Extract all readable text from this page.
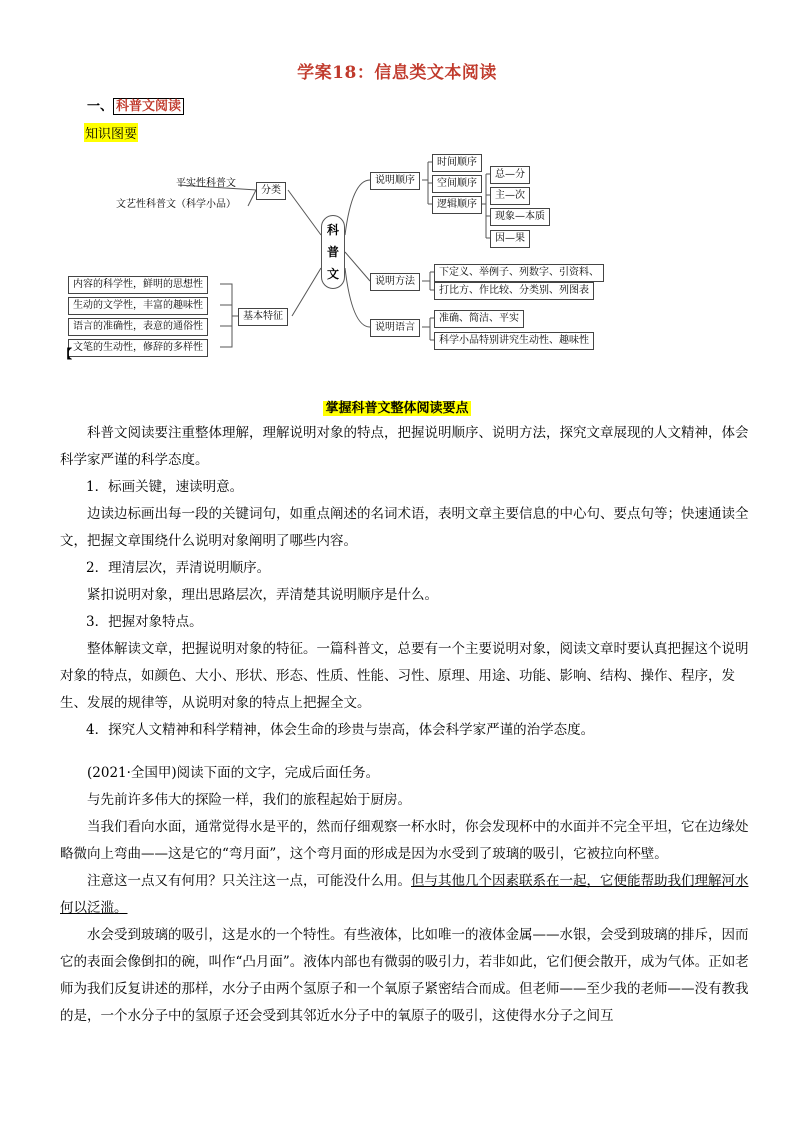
学案18：信息类文本阅读
一、 科普文阅读
知识图要
平实性科普文
文艺性科普文（科学小品）
分类
内容的科学性，鲜明的思想性
生动的文学性，丰富的趣味性
语言的准确性，表意的通俗性
文笔的生动性，修辞的多样性
基本特征
【
科
普
文
说明顺序
时间顺序
空间顺序
逻辑顺序
总—分
主—次
现象—本质
因—果
说明方法
下定义、举例子、列数字、引资料、
打比方、作比较、分类别、列图表
说明语言
准确、简洁、平实
科学小品特别讲究生动性、趣味性
掌握科普文整体阅读要点

科普文阅读要注重整体理解，理解说明对象的特点，把握说明顺序、说明方法，探究文章展现的人文精神，体会科学家严谨的科学态度。

1．标画关键，速读明意。

边读边标画出每一段的关键词句，如重点阐述的名词术语，表明文章主要信息的中心句、要点句等；快速通读全文，把握文章围绕什么说明对象阐明了哪些内容。

2．理清层次，弄清说明顺序。

紧扣说明对象，理出思路层次，弄清楚其说明顺序是什么。

3．把握对象特点。

整体解读文章，把握说明对象的特征。一篇科普文，总要有一个主要说明对象，阅读文章时要认真把握这个说明对象的特点，如颜色、大小、形状、形态、性质、性能、习性、原理、用途、功能、影响、结构、操作、程序，发生、发展的规律等，从说明对象的特点上把握全文。

4．探究人文精神和科学精神，体会生命的珍贵与崇高，体会科学家严谨的治学态度。

(2021·全国甲)阅读下面的文字，完成后面任务。

与先前许多伟大的探险一样，我们的旅程起始于厨房。

当我们看向水面，通常觉得水是平的，然而仔细观察一杯水时，你会发现杯中的水面并不完全平坦，它在边缘处略微向上弯曲——这是它的“弯月面”，这个弯月面的形成是因为水受到了玻璃的吸引，它被拉向杯壁。

注意这一点又有何用？只关注这一点，可能没什么用。但与其他几个因素联系在一起，它便能帮助我们理解河水何以泛滥。

水会受到玻璃的吸引，这是水的一个特性。有些液体，比如唯一的液体金属——水银，会受到玻璃的排斥，因而它的表面会像倒扣的碗，叫作“凸月面”。液体内部也有微弱的吸引力，若非如此，它们便会散开，成为气体。正如老师为我们反复讲述的那样，水分子由两个氢原子和一个氧原子紧密结合而成。但老师——至少我的老师——没有教我的是，一个水分子中的氢原子还会受到其邻近水分子中的氧原子的吸引，这使得水分子之间互
